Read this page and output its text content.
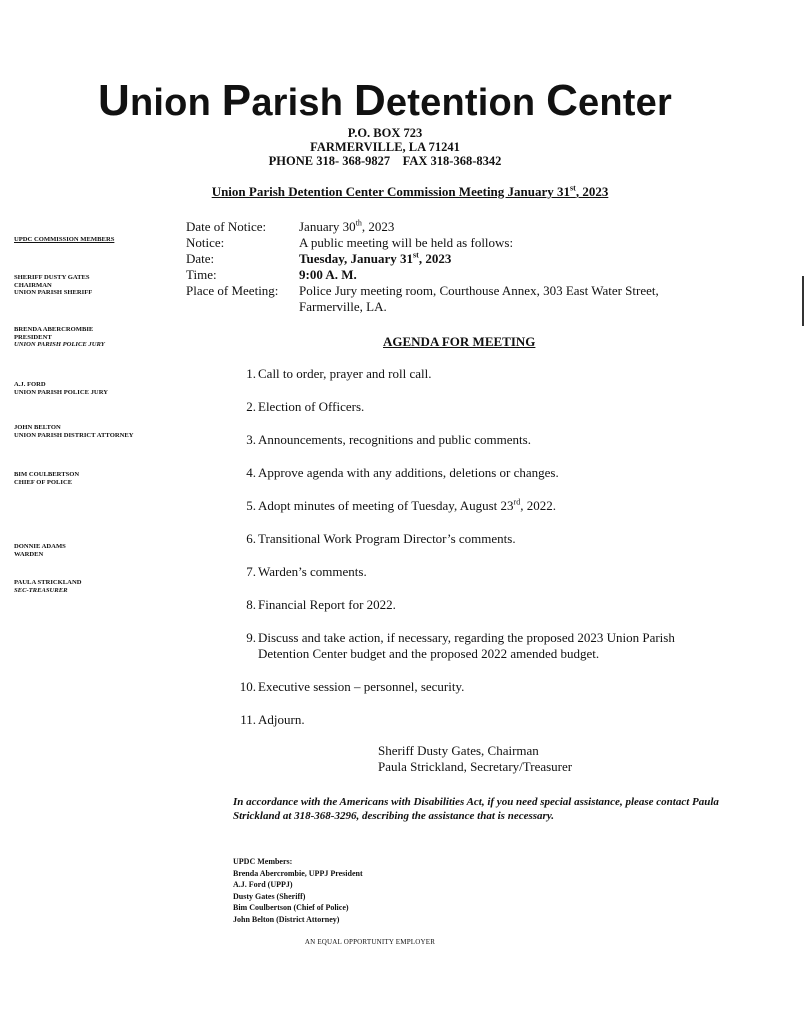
Union Parish Detention Center
P.O. BOX 723
FARMERVILLE, LA 71241
PHONE 318- 368-9827    FAX 318-368-8342
Union Parish Detention Center Commission Meeting January 31st, 2023
UPDC COMMISSION MEMBERS
SHERIFF DUSTY GATES
CHAIRMAN
UNION PARISH SHERIFF
BRENDA ABERCROMBIE
PRESIDENT
UNION PARISH POLICE JURY
A.J. FORD
UNION PARISH POLICE JURY
JOHN BELTON
UNION PARISH DISTRICT ATTORNEY
BIM COULBERTSON
CHIEF OF POLICE
DONNIE ADAMS
WARDEN
PAULA STRICKLAND
SEC-TREASURER
Date of Notice:	January 30th, 2023
Notice:	A public meeting will be held as follows:
Date:	Tuesday, January 31st, 2023
Time:	9:00 A. M.
Place of Meeting:	Police Jury meeting room, Courthouse Annex, 303 East Water Street, Farmerville, LA.
AGENDA FOR MEETING
1. Call to order, prayer and roll call.
2. Election of Officers.
3. Announcements, recognitions and public comments.
4. Approve agenda with any additions, deletions or changes.
5. Adopt minutes of meeting of Tuesday, August 23rd, 2022.
6. Transitional Work Program Director’s comments.
7. Warden’s comments.
8. Financial Report for 2022.
9. Discuss and take action, if necessary, regarding the proposed 2023 Union Parish Detention Center budget and the proposed 2022 amended budget.
10. Executive session – personnel, security.
11. Adjourn.
Sheriff Dusty Gates, Chairman
Paula Strickland, Secretary/Treasurer
In accordance with the Americans with Disabilities Act, if you need special assistance, please contact Paula Strickland at 318-368-3296, describing the assistance that is necessary.
UPDC Members:
Brenda Abercrombie, UPPJ President
A.J. Ford (UPPJ)
Dusty Gates (Sheriff)
Bim Coulbertson (Chief of Police)
John Belton (District Attorney)
AN EQUAL OPPORTUNITY EMPLOYER
